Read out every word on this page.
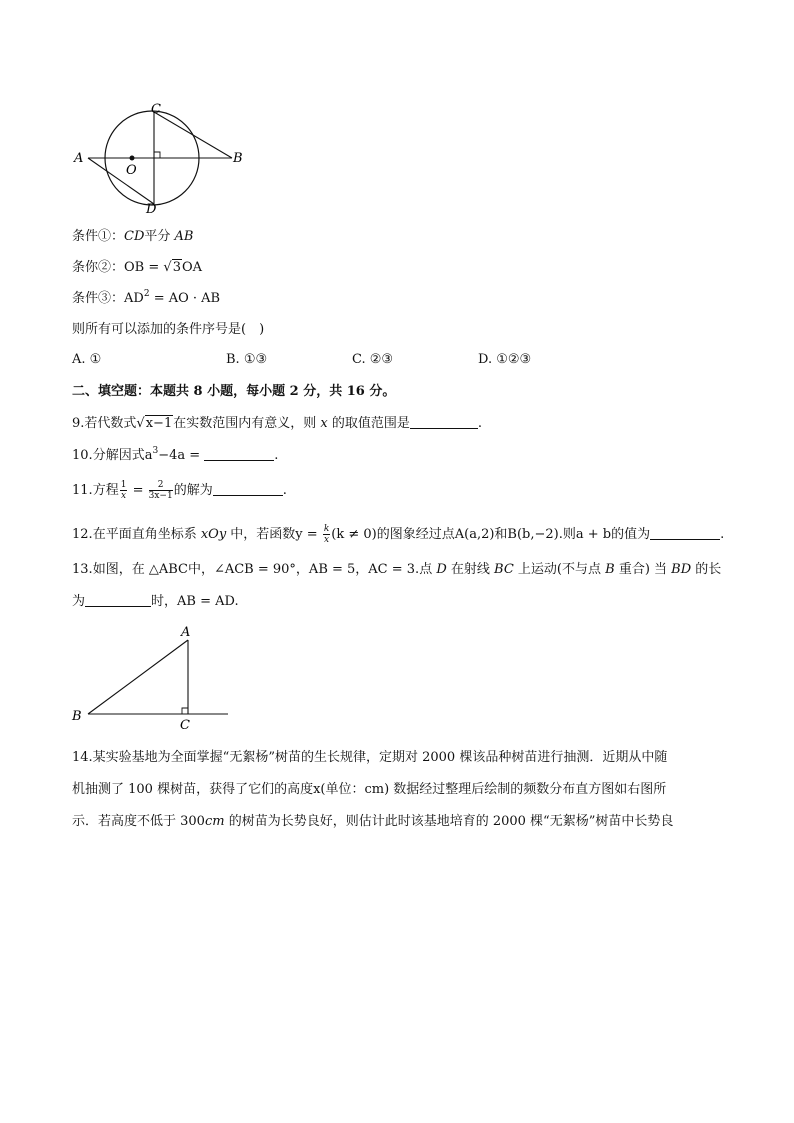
A	B
C
D
O
条件①：CD平分 AB
条你②：OB = √3OA
条件③：$AD^2$ = AO · AB
则所有可以添加的条件序号是(　)
A. ①	B. ①③	C. ②③	D. ①②③
二、填空题：本题共 8 小题，每小题 2 分，共 16 分。
9.若代数式√x−1在实数范围内有意义，则 x 的取值范围是	.
10.分解因式$a^3-4a$ =	.
11.方程 $\frac{1}{x} = \frac{2}{3x-1}$ 的解为	.
12.在平面直角坐标系 xOy 中，若函数$y = \frac{k}{x} (k \ne 0)$的图象经过点A(a,2)和B(b,−2).则a + b的值为	.
13.如图，在 △ABC中，∠ACB = 90°，AB = 5，AC = 3.点 D 在射线 BC 上运动(不与点 B 重合) 当 BD 的长
为	时，AB = AD.
A
B
C
14.某实验基地为全面掌握“无絮杨”树苗的生长规律，定期对 2000 棵该品种树苗进行抽测．近期从中随
机抽测了 100 棵树苗，获得了它们的高度x(单位：cm) 数据经过整理后绘制的频数分布直方图如右图所
示．若高度不低于 300cm 的树苗为长势良好，则估计此时该基地培育的 2000 棵“无絮杨”树苗中长势良
